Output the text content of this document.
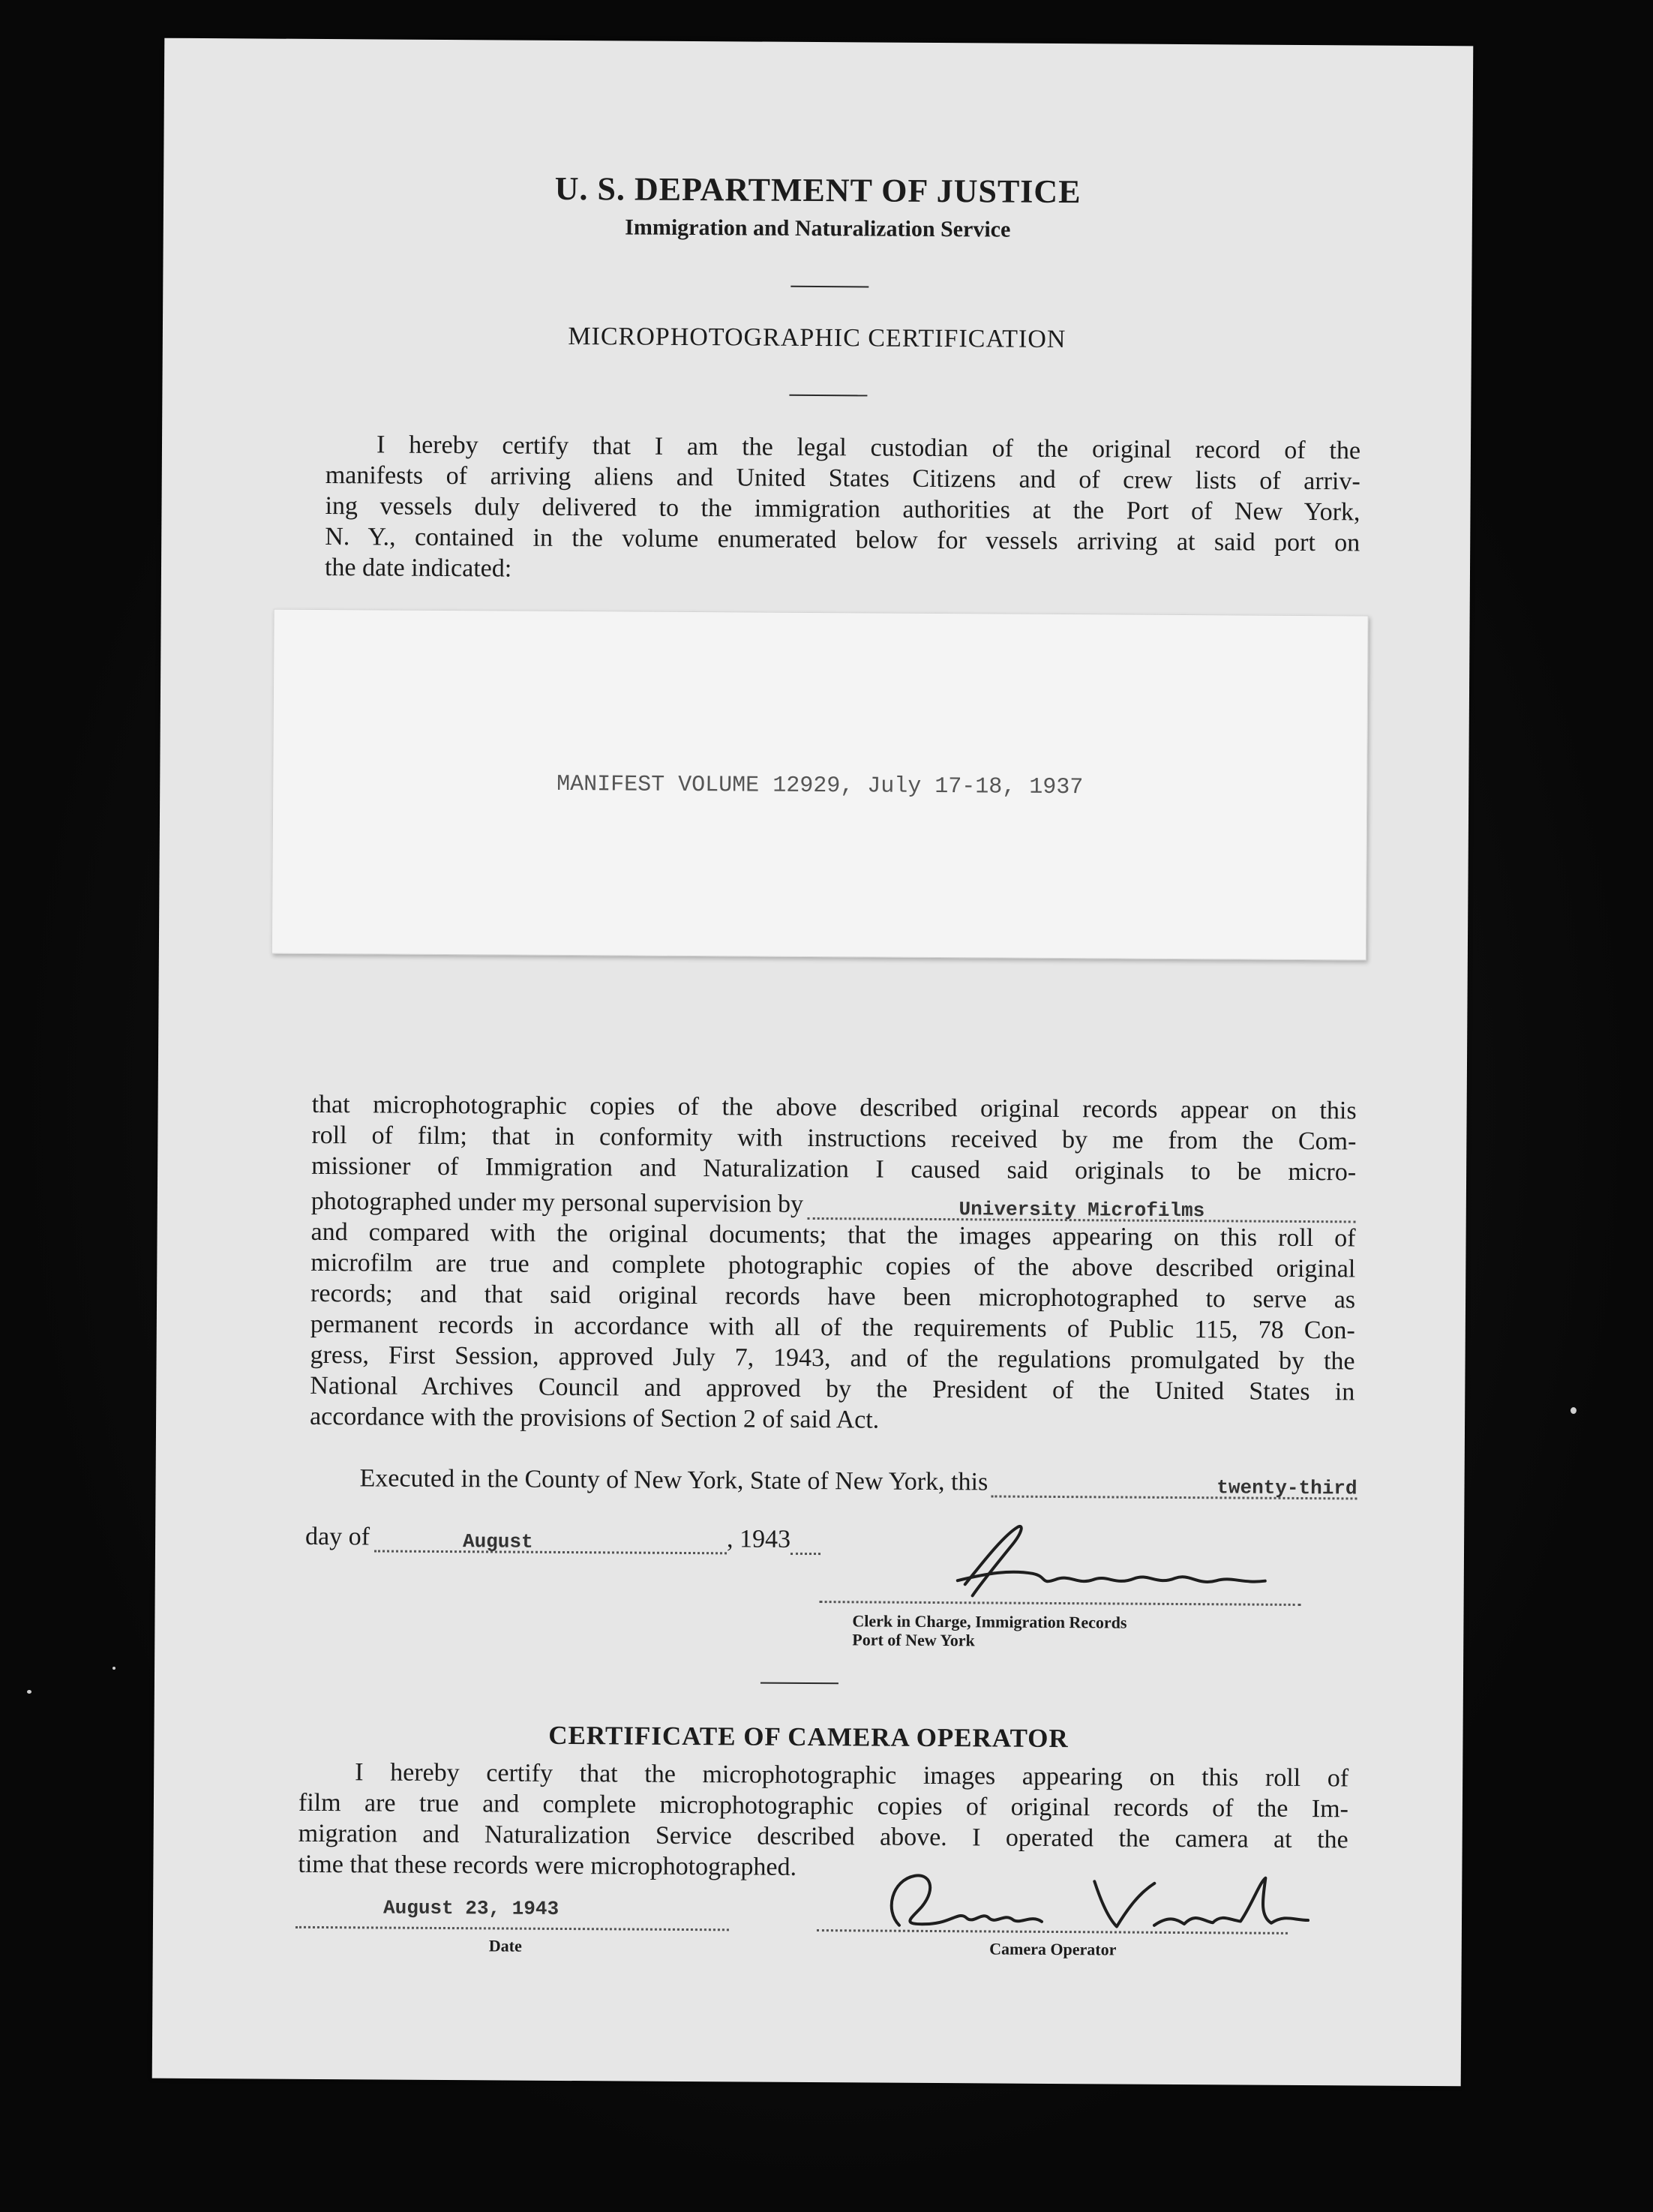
U. S. DEPARTMENT OF JUSTICE
Immigration and Naturalization Service
MICROPHOTOGRAPHIC CERTIFICATION
I hereby certify that I am the legal custodian of the original record of the
manifests of arriving aliens and United States Citizens and of crew lists of arriv-
ing vessels duly delivered to the immigration authorities at the Port of New York,
N. Y., contained in the volume enumerated below for vessels arriving at said port on
the date indicated:
MANIFEST VOLUME 12929, July 17-18, 1937
that microphotographic copies of the above described original records appear on this
roll of film; that in conformity with instructions received by me from the Com-
missioner of Immigration and Naturalization I caused said originals to be micro-
photographed under my personal supervision by	University Microfilms
and compared with the original documents; that the images appearing on this roll of
microfilm are true and complete photographic copies of the above described original
records; and that said original records have been microphotographed to serve as
permanent records in accordance with all of the requirements of Public 115, 78 Con-
gress, First Session, approved July 7, 1943, and of the regulations promulgated by the
National Archives Council and approved by the President of the United States in
accordance with the provisions of Section 2 of said Act.
Executed in the County of New York, State of New York, this	twenty-third
day of	August	, 1943
Clerk in Charge, Immigration Records
Port of New York
CERTIFICATE OF CAMERA OPERATOR
I hereby certify that the microphotographic images appearing on this roll of
film are true and complete microphotographic copies of original records of the Im-
migration and Naturalization Service described above. I operated the camera at the
time that these records were microphotographed.
August 23, 1943
Date	Camera Operator
